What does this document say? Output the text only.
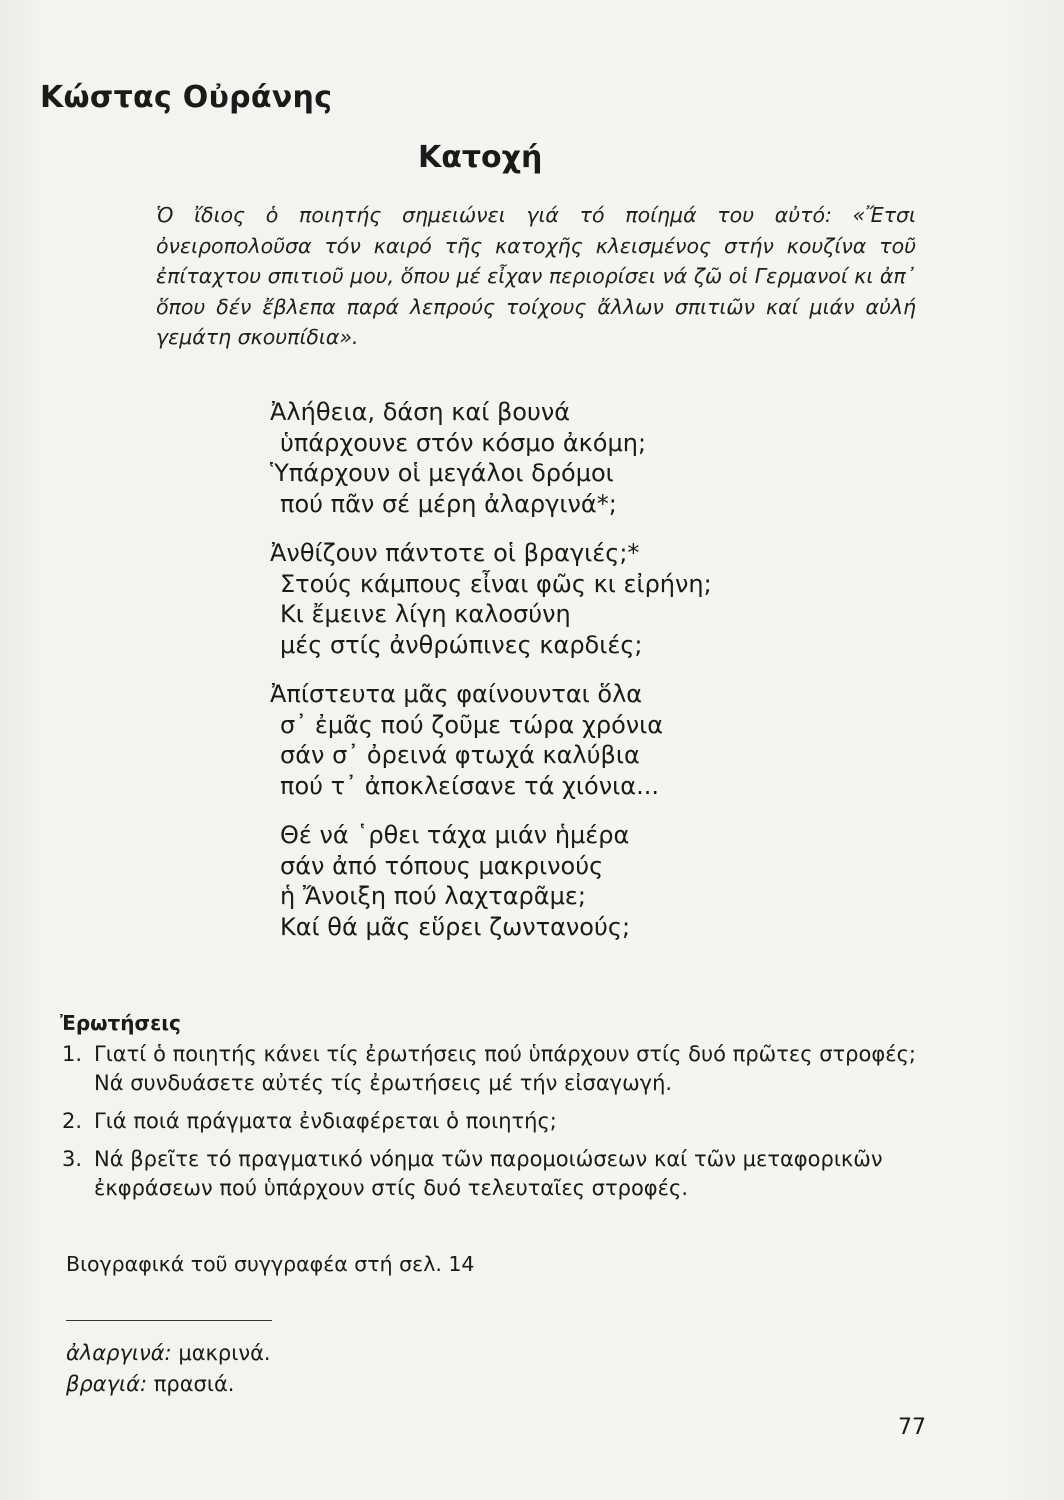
Κώστας Οὐράνης
Κατοχή
Ὁ ἴδιος ὁ ποιητής σημειώνει γιά τό ποίημά του αὐτό: «Ἔτσι ὀνειροπολοῦσα τόν καιρό τῆς κατοχῆς κλεισμένος στήν κουζίνα τοῦ ἐπίταχτου σπιτιοῦ μου, ὅπου μέ εἶχαν περιορίσει νά ζῶ οἱ Γερμανοί κι ἀπ᾿ ὅπου δέν ἔβλεπα παρά λεπρούς τοίχους ἄλλων σπιτιῶν καί μιάν αὐλή γεμάτη σκουπίδια».
Ἀλήθεια, δάση καί βουνά
ὑπάρχουνε στόν κόσμο ἀκόμη;
Ὑπάρχουν οἱ μεγάλοι δρόμοι
πού πᾶν σέ μέρη ἀλαργινά*;
Ἀνθίζουν πάντοτε οἱ βραγιές;*
Στούς κάμπους εἶναι φῶς κι εἰρήνη;
Κι ἔμεινε λίγη καλοσύνη
μές στίς ἀνθρώπινες καρδιές;
Ἀπίστευτα μᾶς φαίνουνται ὅλα
σ᾿ ἐμᾶς πού ζοῦμε τώρα χρόνια
σάν σ᾿ ὀρεινά φτωχά καλύβια
πού τ᾿ ἀποκλείσανε τά χιόνια...
Θέ νά ῾ρθει τάχα μιάν ἡμέρα
σάν ἀπό τόπους μακρινούς
ἡ Ἄνοιξη πού λαχταρᾶμε;
Καί θά μᾶς εὕρει ζωντανούς;
Ἐρωτήσεις
1. Γιατί ὁ ποιητής κάνει τίς ἐρωτήσεις πού ὑπάρχουν στίς δυό πρῶτες στροφές; Νά συνδυάσετε αὐτές τίς ἐρωτήσεις μέ τήν εἰσαγωγή.
2. Γιά ποιά πράγματα ἐνδιαφέρεται ὁ ποιητής;
3. Νά βρεῖτε τό πραγματικό νόημα τῶν παρομοιώσεων καί τῶν μεταφορικῶν ἐκφράσεων πού ὑπάρχουν στίς δυό τελευταῖες στροφές.
Βιογραφικά τοῦ συγγραφέα στή σελ. 14
ἀλαργινά: μακρινά.
βραγιά: πρασιά.
77
